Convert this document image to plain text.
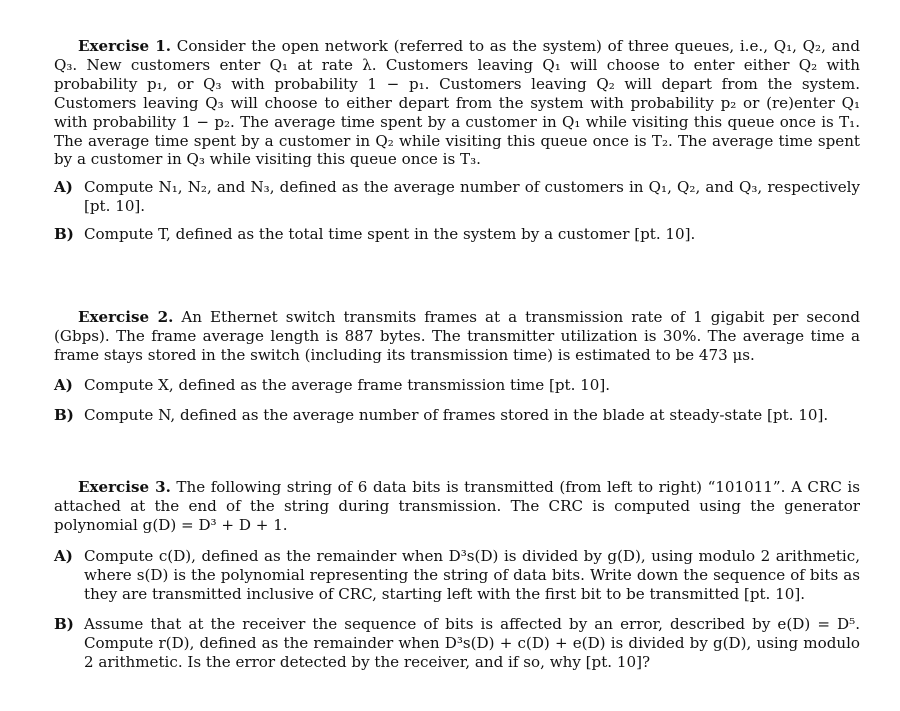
Exercise 1. Consider the open network (referred to as the system) of three queues, i.e., Q₁, Q₂, and Q₃. New customers enter Q₁ at rate λ. Customers leaving Q₁ will choose to enter either Q₂ with probability p₁, or Q₃ with probability 1 − p₁. Customers leaving Q₂ will depart from the system. Customers leaving Q₃ will choose to either depart from the system with probability p₂ or (re)enter Q₁ with probability 1 − p₂. The average time spent by a customer in Q₁ while visiting this queue once is T₁. The average time spent by a customer in Q₂ while visiting this queue once is T₂. The average time spent by a customer in Q₃ while visiting this queue once is T₃.

A) Compute N₁, N₂, and N₃, defined as the average number of customers in Q₁, Q₂, and Q₃, respectively [pt. 10].

B) Compute T, defined as the total time spent in the system by a customer [pt. 10].

Exercise 2. An Ethernet switch transmits frames at a transmission rate of 1 gigabit per second (Gbps). The frame average length is 887 bytes. The transmitter utilization is 30%. The average time a frame stays stored in the switch (including its transmission time) is estimated to be 473 μs.

A) Compute X, defined as the average frame transmission time [pt. 10].

B) Compute N, defined as the average number of frames stored in the blade at steady-state [pt. 10].

Exercise 3. The following string of 6 data bits is transmitted (from left to right) “101011”. A CRC is attached at the end of the string during transmission. The CRC is computed using the generator polynomial g(D) = D³ + D + 1.

A) Compute c(D), defined as the remainder when D³s(D) is divided by g(D), using modulo 2 arithmetic, where s(D) is the polynomial representing the string of data bits. Write down the sequence of bits as they are transmitted inclusive of CRC, starting left with the first bit to be transmitted [pt. 10].

B) Assume that at the receiver the sequence of bits is affected by an error, described by e(D) = D⁵. Compute r(D), defined as the remainder when D³s(D) + c(D) + e(D) is divided by g(D), using modulo 2 arithmetic. Is the error detected by the receiver, and if so, why [pt. 10]?
